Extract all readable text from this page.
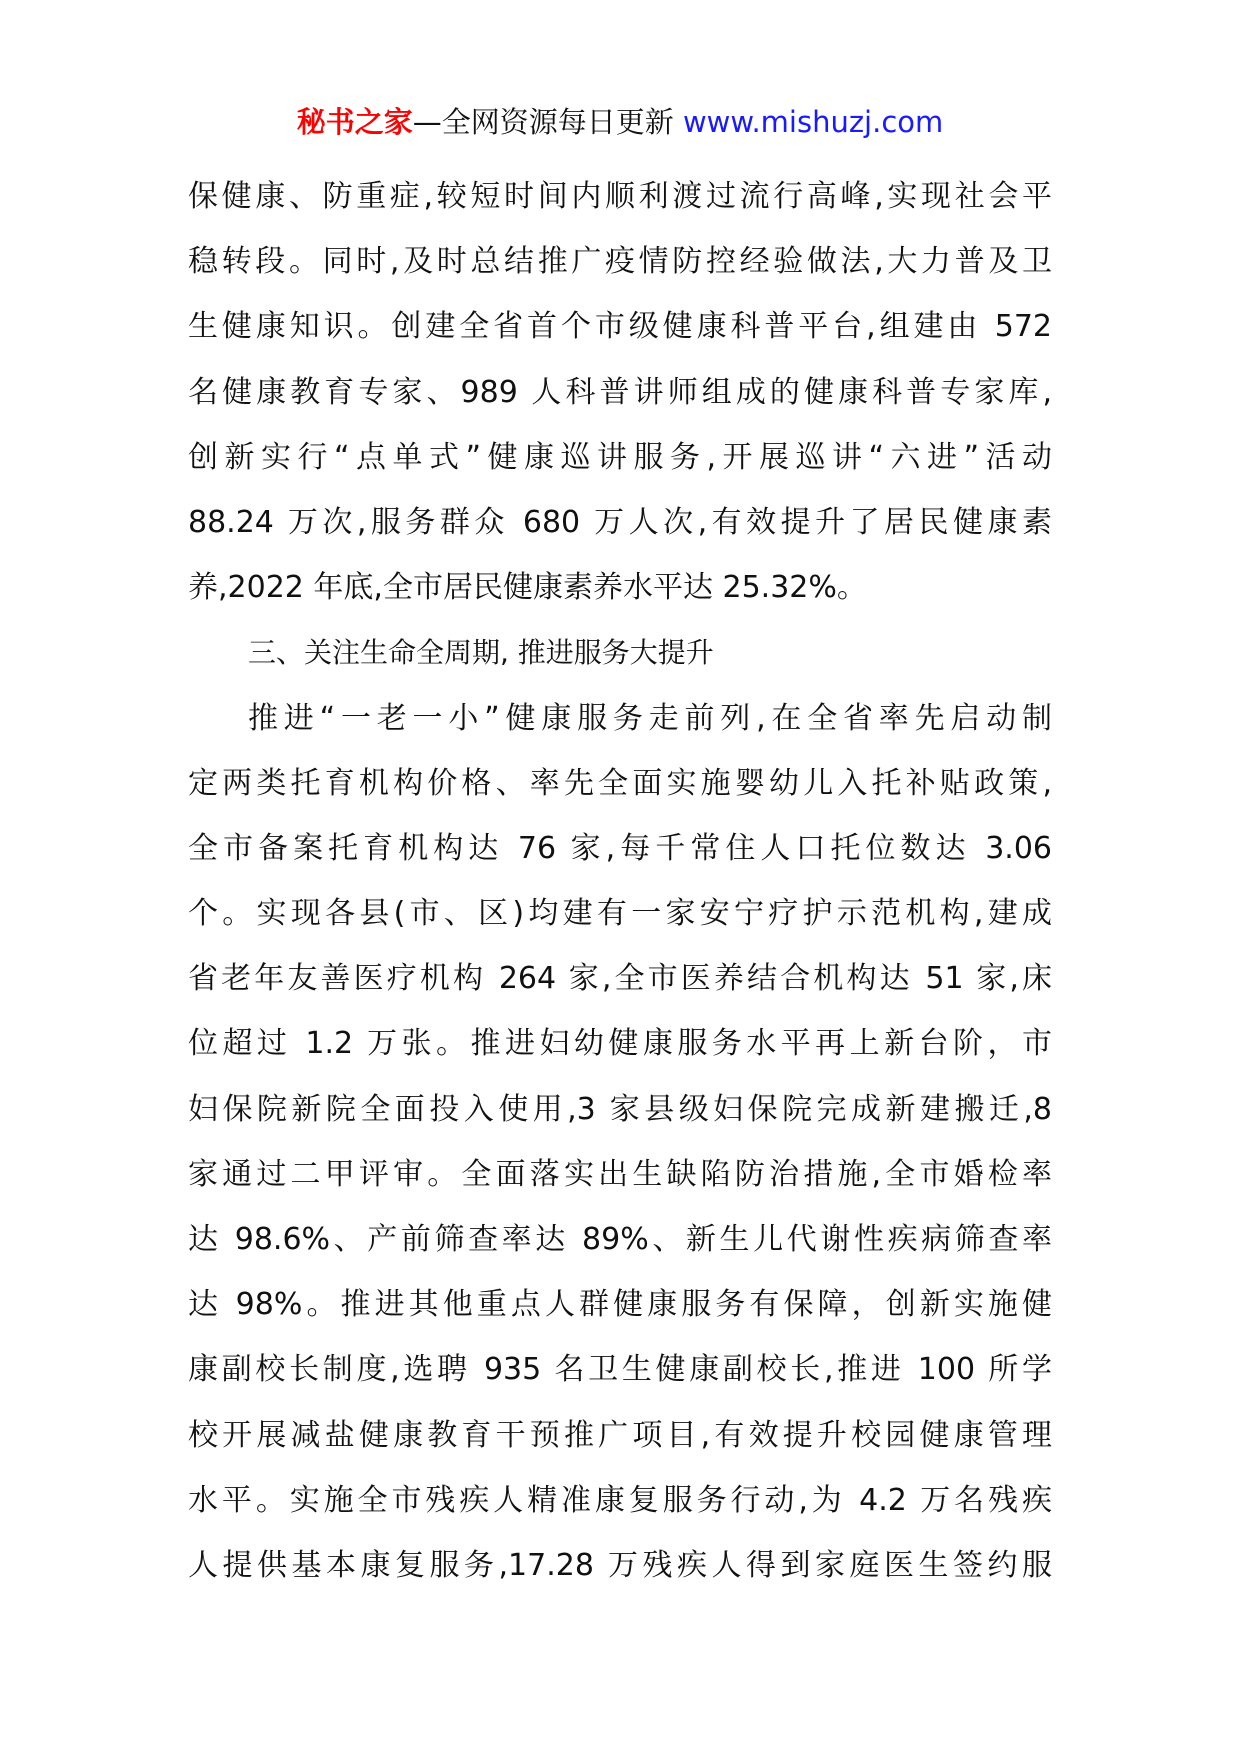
秘书之家—全网资源每日更新 www.mishuzj.com
保健康、防重症,较短时间内顺利渡过流行高峰,实现社会平
稳转段。同时,及时总结推广疫情防控经验做法,大力普及卫
生健康知识。创建全省首个市级健康科普平台,组建由 572
名健康教育专家、989 人科普讲师组成的健康科普专家库,
创新实行“点单式”健康巡讲服务,开展巡讲“六进”活动
88.24 万次,服务群众 680 万人次,有效提升了居民健康素
养,2022 年底,全市居民健康素养水平达 25.32%。
三、关注生命全周期, 推进服务大提升
推进“一老一小”健康服务走前列,在全省率先启动制
定两类托育机构价格、率先全面实施婴幼儿入托补贴政策,
全市备案托育机构达 76 家,每千常住人口托位数达 3.06
个。实现各县(市、区)均建有一家安宁疗护示范机构,建成
省老年友善医疗机构 264 家,全市医养结合机构达 51 家,床
位超过 1.2 万张。推进妇幼健康服务水平再上新台阶，市
妇保院新院全面投入使用,3 家县级妇保院完成新建搬迁,8
家通过二甲评审。全面落实出生缺陷防治措施,全市婚检率
达 98.6%、产前筛查率达 89%、新生儿代谢性疾病筛查率
达 98%。推进其他重点人群健康服务有保障，创新实施健
康副校长制度,选聘 935 名卫生健康副校长,推进 100 所学
校开展减盐健康教育干预推广项目,有效提升校园健康管理
水平。实施全市残疾人精准康复服务行动,为 4.2 万名残疾
人提供基本康复服务,17.28 万残疾人得到家庭医生签约服
